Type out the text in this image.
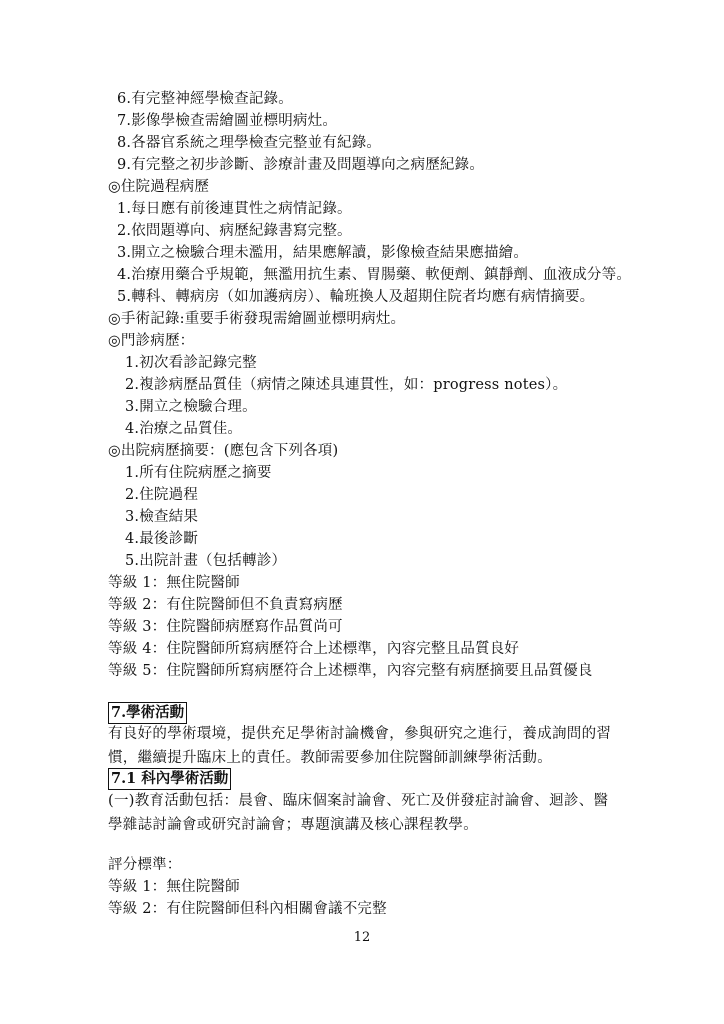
6.有完整神經學檢查記錄。
7.影像學檢查需繪圖並標明病灶。
8.各器官系統之理學檢查完整並有紀錄。
9.有完整之初步診斷、診療計畫及問題導向之病歷紀錄。
◎住院過程病歷
1.每日應有前後連貫性之病情記錄。
2.依問題導向、病歷紀錄書寫完整。
3.開立之檢驗合理未濫用，結果應解讀，影像檢查結果應描繪。
4.治療用藥合乎規範，無濫用抗生素、胃腸藥、軟便劑、鎮靜劑、血液成分等。
5.轉科、轉病房（如加護病房）、輪班換人及超期住院者均應有病情摘要。
◎手術記錄:重要手術發現需繪圖並標明病灶。
◎門診病歷：
1.初次看診記錄完整
2.複診病歷品質佳（病情之陳述具連貫性，如：progress notes）。
3.開立之檢驗合理。
4.治療之品質佳。
◎出院病歷摘要：(應包含下列各項)
1.所有住院病歷之摘要
2.住院過程
3.檢查結果
4.最後診斷
5.出院計畫（包括轉診）
等級 1：無住院醫師
等級 2：有住院醫師但不負責寫病歷
等級 3：住院醫師病歷寫作品質尚可
等級 4：住院醫師所寫病歷符合上述標準，內容完整且品質良好
等級 5：住院醫師所寫病歷符合上述標準，內容完整有病歷摘要且品質優良
7.學術活動
有良好的學術環境，提供充足學術討論機會，參與研究之進行，養成詢問的習慣，繼續提升臨床上的責任。教師需要參加住院醫師訓練學術活動。
7.1 科內學術活動
(一)教育活動包括：晨會、臨床個案討論會、死亡及併發症討論會、迴診、醫學雜誌討論會或研究討論會；專題演講及核心課程教學。
評分標準：
等級 1：無住院醫師
等級 2：有住院醫師但科內相關會議不完整
12
